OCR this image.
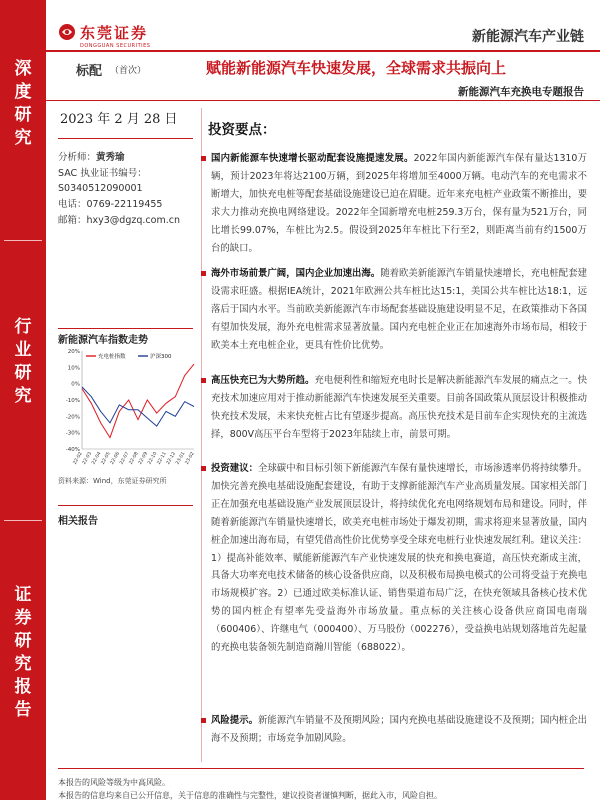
深
度
研
究
行
业
研
究
证
券
研
究
报
告
东莞证券
DONGGUAN SECURITIES
新能源汽车产业链
标配 （首次）	赋能新能源汽车快速发展，全球需求共振向上
新能源汽车充换电专题报告
2023 年 2 月 28 日
分析师：黄秀瑜
SAC 执业证书编号：
S0340512090001
电话：0769-22119455
邮箱：hxy3@dgzq.com.cn
新能源汽车指数走势
20%
10%
0%
-10%
-20%
-30%
-40%
22-02
22-03
22-04
22-05
22-06
22-07
22-08
22-09
22-10
22-11
22-12
23-01
23-02
充电桩指数	沪深300
资料来源：Wind，东莞证券研究所
相关报告
投资要点：
国内新能源车快速增长驱动配套设施提速发展。2022年国内新能源汽车保有量达1310万辆，预计2023年将达2100万辆，到2025年将增加至4000万辆。电动汽车的充电需求不断增大，加快充电桩等配套基础设施建设已迫在眉睫。近年来充电桩产业政策不断推出，要求大力推动充换电网络建设。2022年全国新增充电桩259.3万台，保有量为521万台，同比增长99.07%，车桩比为2.5。假设到2025年车桩比下行至2，则距离当前有约1500万台的缺口。
海外市场前景广阔，国内企业加速出海。随着欧美新能源汽车销量快速增长，充电桩配套建设需求旺盛。根据IEA统计，2021年欧洲公共车桩比达15:1，美国公共车桩比达18:1，远落后于国内水平。当前欧美新能源汽车市场配套基础设施建设明显不足，在政策推动下各国有望加快发展，海外充电桩需求显著放量。国内充电桩企业正在加速海外市场布局，相较于欧美本土充电桩企业，更具有性价比优势。
高压快充已为大势所趋。充电便利性和缩短充电时长是解决新能源汽车发展的痛点之一。快充技术加速应用对于推动新能源汽车快速发展至关重要。目前各国政策从顶层设计积极推动快充技术发展，未来快充桩占比有望逐步提高。高压快充技术是目前车企实现快充的主流选择，800V高压平台车型将于2023年陆续上市，前景可期。
投资建议：全球碳中和目标引领下新能源汽车保有量快速增长，市场渗透率仍将持续攀升。加快完善充换电基础设施配套建设，有助于支撑新能源汽车产业高质量发展。国家相关部门正在加强充电基础设施产业发展顶层设计，将持续优化充电网络规划布局和建设。同时，伴随着新能源汽车销量快速增长，欧美充电桩市场处于爆发初期，需求将迎来显著放量，国内桩企加速出海布局，有望凭借高性价比优势享受全球充电桩行业快速发展红利。建议关注：1）提高补能效率、赋能新能源汽车产业快速发展的快充和换电赛道，高压快充渐成主流，具备大功率充电技术储备的核心设备供应商，以及积极布局换电模式的公司将受益于充换电市场规模扩容。2）已通过欧美标准认证、销售渠道布局广泛，在快充领域具备核心技术优势的国内桩企有望率先受益海外市场放量。重点标的关注核心设备供应商国电南瑞（600406）、许继电气（000400）、万马股份（002276），受益换电站规划落地首先起量的充换电装备领先制造商瀚川智能（688022）。
风险提示。新能源汽车销量不及预期风险；国内充换电基础设施建设不及预期；国内桩企出海不及预期；市场竞争加剧风险。
本报告的风险等级为中高风险。
本报告的信息均来自已公开信息，关于信息的准确性与完整性，建议投资者谨慎判断，据此入市，风险自担。
